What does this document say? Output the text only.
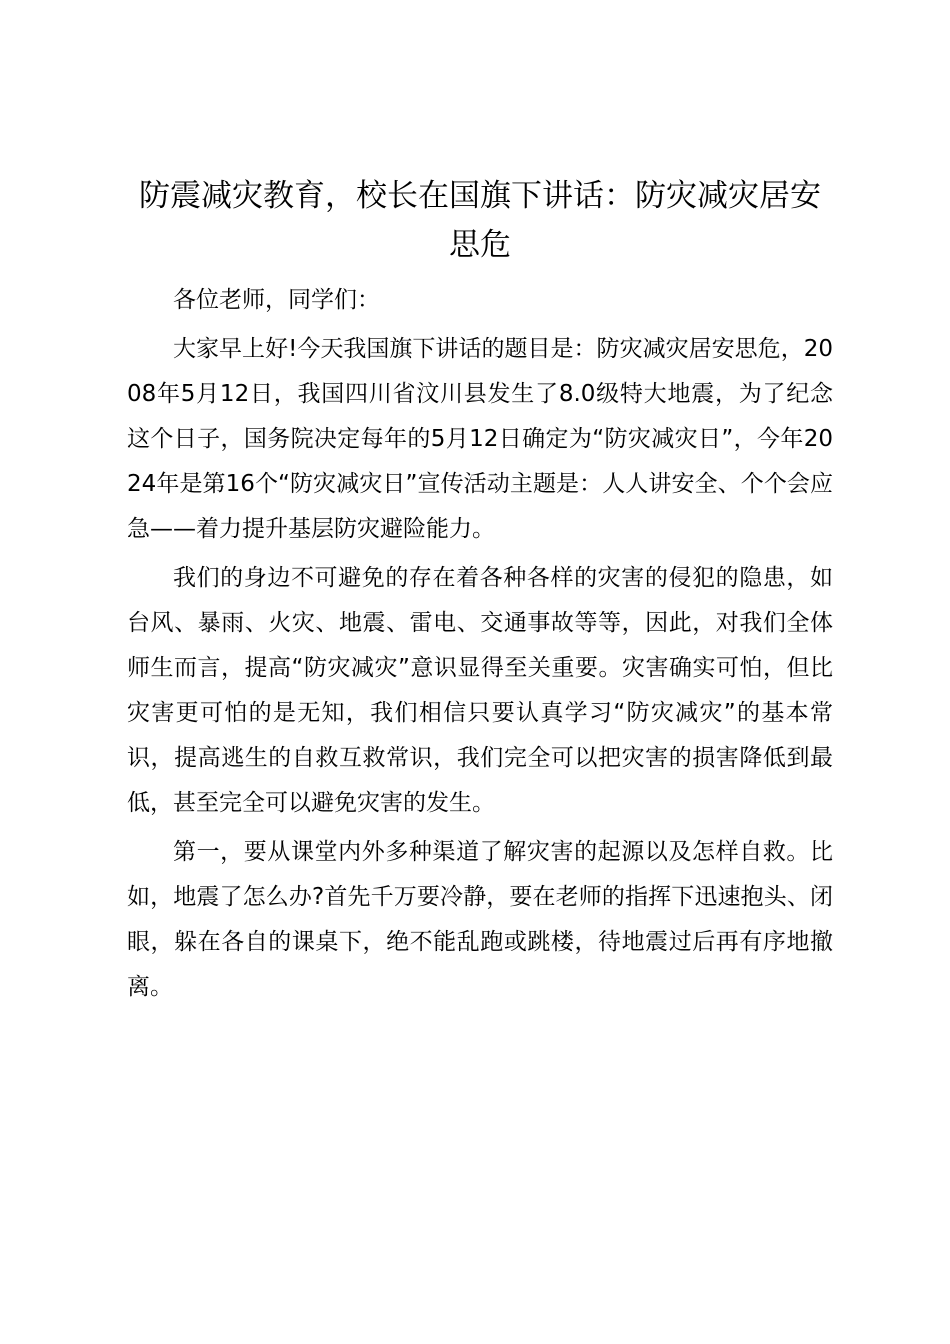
防震减灾教育，校长在国旗下讲话：防灾减灾居安思危

各位老师，同学们：

大家早上好!今天我国旗下讲话的题目是：防灾减灾居安思危，2008年5月12日，我国四川省汶川县发生了8.0级特大地震，为了纪念这个日子，国务院决定每年的5月12日确定为“防灾减灾日”，今年2024年是第16个“防灾减灾日”宣传活动主题是：人人讲安全、个个会应急——着力提升基层防灾避险能力。

我们的身边不可避免的存在着各种各样的灾害的侵犯的隐患，如台风、暴雨、火灾、地震、雷电、交通事故等等，因此，对我们全体师生而言，提高“防灾减灾”意识显得至关重要。灾害确实可怕，但比灾害更可怕的是无知，我们相信只要认真学习“防灾减灾”的基本常识，提高逃生的自救互救常识，我们完全可以把灾害的损害降低到最低，甚至完全可以避免灾害的发生。

第一，要从课堂内外多种渠道了解灾害的起源以及怎样自救。比如，地震了怎么办?首先千万要冷静，要在老师的指挥下迅速抱头、闭眼，躲在各自的课桌下，绝不能乱跑或跳楼，待地震过后再有序地撤离。
